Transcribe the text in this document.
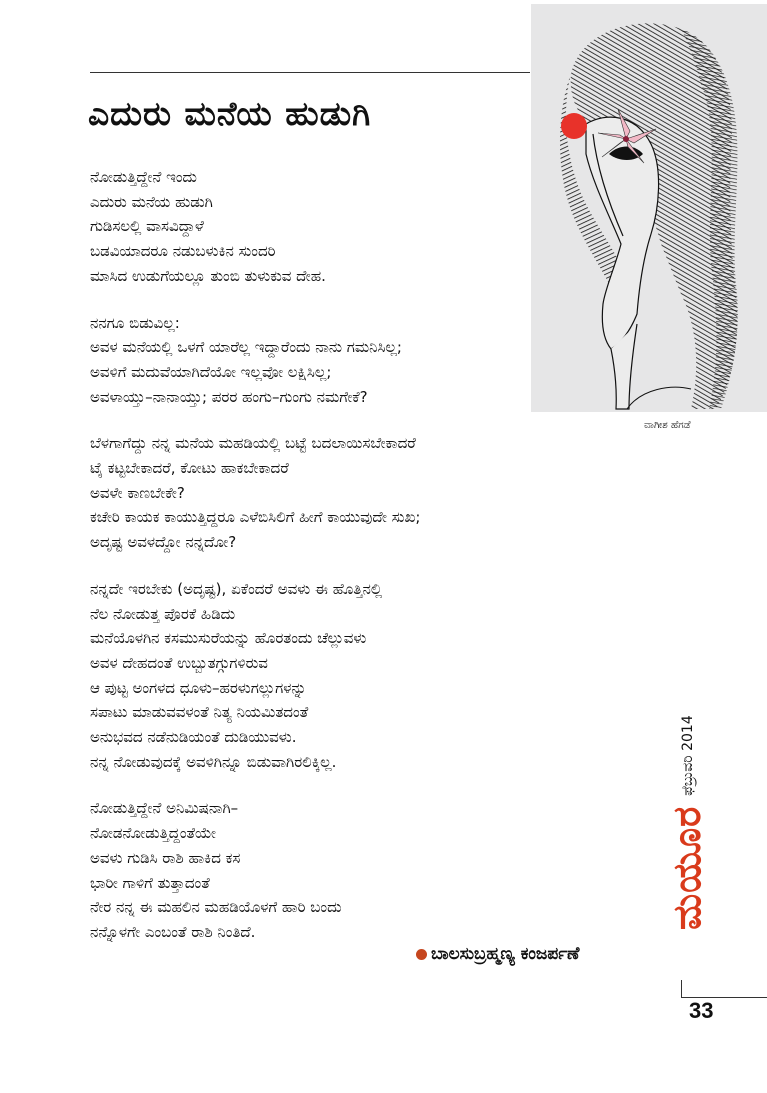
ಎದುರು ಮನೆಯ ಹುಡುಗಿ
ನೋಡುತ್ತಿದ್ದೇನೆ ಇಂದು
ಎದುರು ಮನೆಯ ಹುಡುಗಿ
ಗುಡಿಸಲಲ್ಲಿ ವಾಸವಿದ್ದಾಳೆ
ಬಡವಿಯಾದರೂ ನಡುಬಳುಕಿನ ಸುಂದರಿ
ಮಾಸಿದ ಉಡುಗೆಯಲ್ಲೂ ತುಂಬಿ ತುಳುಕುವ ದೇಹ.
ನನಗೂ ಬಿಡುವಿಲ್ಲ:
ಅವಳ ಮನೆಯಲ್ಲಿ ಒಳಗೆ ಯಾರೆಲ್ಲ ಇದ್ದಾರೆಂದು ನಾನು ಗಮನಿಸಿಲ್ಲ;
ಅವಳಿಗೆ ಮದುವೆಯಾಗಿದೆಯೋ ಇಲ್ಲವೋ ಲಕ್ಷಿಸಿಲ್ಲ;
ಅವಳಾಯ್ತು–ನಾನಾಯ್ತು; ಪರರ ಹಂಗು–ಗುಂಗು ನಮಗೇಕೆ?
ಬೆಳಗಾಗೆದ್ದು ನನ್ನ ಮನೆಯ ಮಹಡಿಯಲ್ಲಿ ಬಟ್ಟೆ ಬದಲಾಯಿಸಬೇಕಾದರೆ
ಟೈ ಕಟ್ಟಬೇಕಾದರೆ, ಕೋಟು ಹಾಕಬೇಕಾದರೆ
ಅವಳೇ ಕಾಣಬೇಕೇ?
ಕಚೇರಿ ಕಾಯಕ ಕಾಯುತ್ತಿದ್ದರೂ ಎಳೆಬಿಸಿಲಿಗೆ ಹೀಗೆ ಕಾಯುವುದೇ ಸುಖ;
ಅದೃಷ್ಟ ಅವಳದ್ದೋ ನನ್ನದೋ?
ನನ್ನದೇ ಇರಬೇಕು (ಅದೃಷ್ಟ), ಏಕೆಂದರೆ ಅವಳು ಈ ಹೊತ್ತಿನಲ್ಲಿ
ನೆಲ ನೋಡುತ್ತ ಪೊರಕೆ ಹಿಡಿದು
ಮನೆಯೊಳಗಿನ ಕಸಮುಸುರೆಯನ್ನು ಹೊರತಂದು ಚೆಲ್ಲುವಳು
ಅವಳ ದೇಹದಂತೆ ಉಬ್ಬುತಗ್ಗುಗಳಿರುವ
ಆ ಪುಟ್ಟ ಅಂಗಳದ ಧೂಳು–ಹರಳುಗಲ್ಲುಗಳನ್ನು
ಸಪಾಟು ಮಾಡುವವಳಂತೆ ನಿತ್ಯ ನಿಯಮಿತದಂತೆ
ಅನುಭವದ ನಡೆನುಡಿಯಂತೆ ದುಡಿಯುವಳು.
ನನ್ನ ನೋಡುವುದಕ್ಕೆ ಅವಳಿಗಿನ್ನೂ ಬಿಡುವಾಗಿರಲಿಕ್ಕಿಲ್ಲ.
ನೋಡುತ್ತಿದ್ದೇನೆ ಅನಿಮಿಷನಾಗಿ–
ನೋಡನೋಡುತ್ತಿದ್ದಂತೆಯೇ
ಅವಳು ಗುಡಿಸಿ ರಾಶಿ ಹಾಕಿದ ಕಸ
ಭಾರೀ ಗಾಳಿಗೆ ತುತ್ತಾದಂತೆ
ನೇರ ನನ್ನ ಈ ಮಹಲಿನ ಮಹಡಿಯೊಳಗೆ ಹಾರಿ ಬಂದು
ನನ್ನೊಳಗೇ ಎಂಬಂತೆ ರಾಶಿ ನಿಂತಿದೆ.
ವಾಗೀಶ ಹೆಗಡೆ
ಬಾಲಸುಬ್ರಹ್ಮಣ್ಯ ಕಂಜರ್ಪಣೆ
ಮಯೂರ
ಫೆಬ್ರುವರಿ 2014
33
